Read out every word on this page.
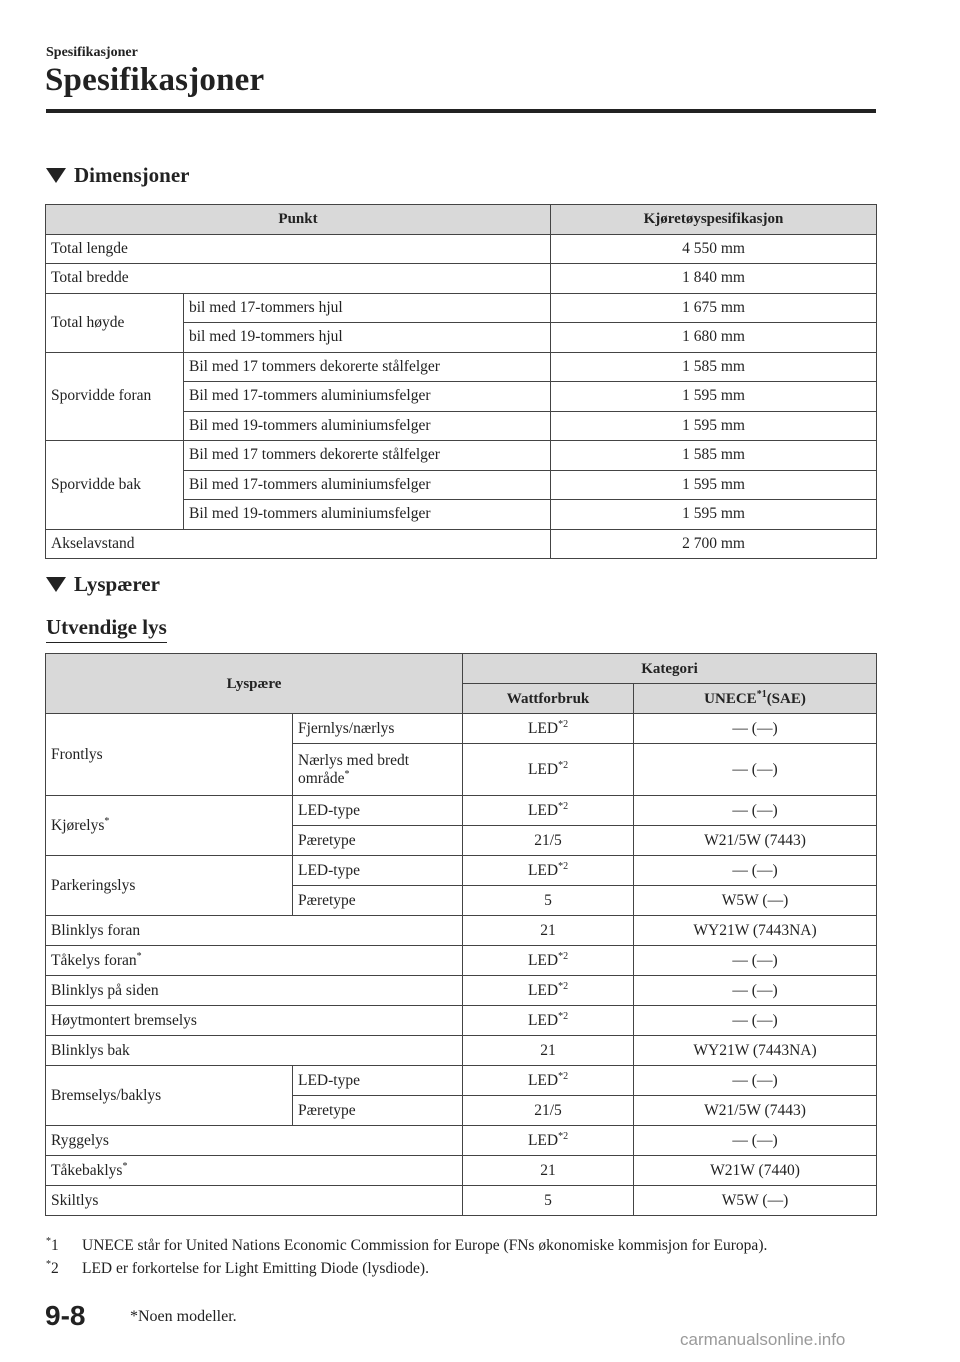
Spesifikasjoner
Spesifikasjoner
Dimensjoner
Punkt		Kjøretøyspesifikasjon
Total lengde		4 550 mm
Total bredde		1 840 mm
Total høyde	bil med 17-tommers hjul	1 675 mm
	bil med 19-tommers hjul	1 680 mm
Sporvidde foran	Bil med 17 tommers dekorerte stålfelger	1 585 mm
	Bil med 17-tommers aluminiumsfelger	1 595 mm
	Bil med 19-tommers aluminiumsfelger	1 595 mm
Sporvidde bak	Bil med 17 tommers dekorerte stålfelger	1 585 mm
	Bil med 17-tommers aluminiumsfelger	1 595 mm
	Bil med 19-tommers aluminiumsfelger	1 595 mm
Akselavstand		2 700 mm
Lyspærer
Utvendige lys
Lyspære		Kategori	
		Wattforbruk	UNECE$^{*1}$(SAE)
Frontlys	Fjernlys/nærlys	LED$^{*2}$	— (—)
	Nærlys med bredt
område*	LED$^{*2}$	— (—)
Kjørelys*	LED-type	LED$^{*2}$	— (—)
	Pæretype	21/5	W21/5W (7443)
Parkeringslys	LED-type	LED$^{*2}$	— (—)
	Pæretype	5	W5W (—)
Blinklys foran		21	WY21W (7443NA)
Tåkelys foran*		LED$^{*2}$	— (—)
Blinklys på siden		LED$^{*2}$	— (—)
Høytmontert bremselys		LED$^{*2}$	— (—)
Blinklys bak		21	WY21W (7443NA)
Bremselys/baklys	LED-type	LED$^{*2}$	— (—)
	Pæretype	21/5	W21/5W (7443)
Ryggelys		LED$^{*2}$	— (—)
Tåkebaklys*		21	W21W (7440)
Skiltlys		5	W5W (—)
*1 UNECE står for United Nations Economic Commission for Europe (FNs økonomiske kommisjon for Europa).
*2 LED er forkortelse for Light Emitting Diode (lysdiode).
9-8	*Noen modeller.
carmanualsonline.info
